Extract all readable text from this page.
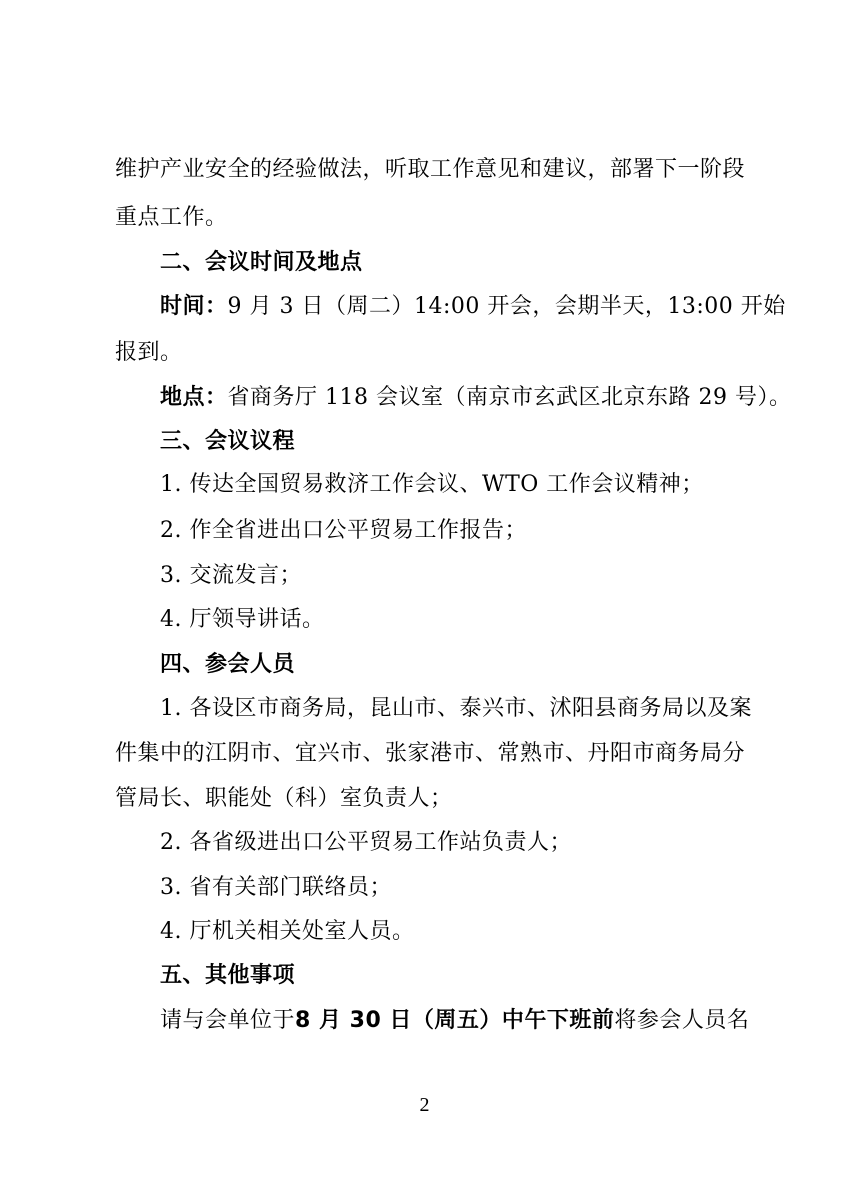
维护产业安全的经验做法，听取工作意见和建议，部署下一阶段
重点工作。
二、会议时间及地点
时间：9 月 3 日（周二）14:00 开会，会期半天，13:00 开始
报到。
地点：省商务厅 118 会议室（南京市玄武区北京东路 29 号）。
三、会议议程
1. 传达全国贸易救济工作会议、WTO 工作会议精神；
2. 作全省进出口公平贸易工作报告；
3. 交流发言；
4. 厅领导讲话。
四、参会人员
1. 各设区市商务局，昆山市、泰兴市、沭阳县商务局以及案
件集中的江阴市、宜兴市、张家港市、常熟市、丹阳市商务局分
管局长、职能处（科）室负责人；
2. 各省级进出口公平贸易工作站负责人；
3. 省有关部门联络员；
4. 厅机关相关处室人员。
五、其他事项
请与会单位于8 月 30 日（周五）中午下班前将参会人员名
2
